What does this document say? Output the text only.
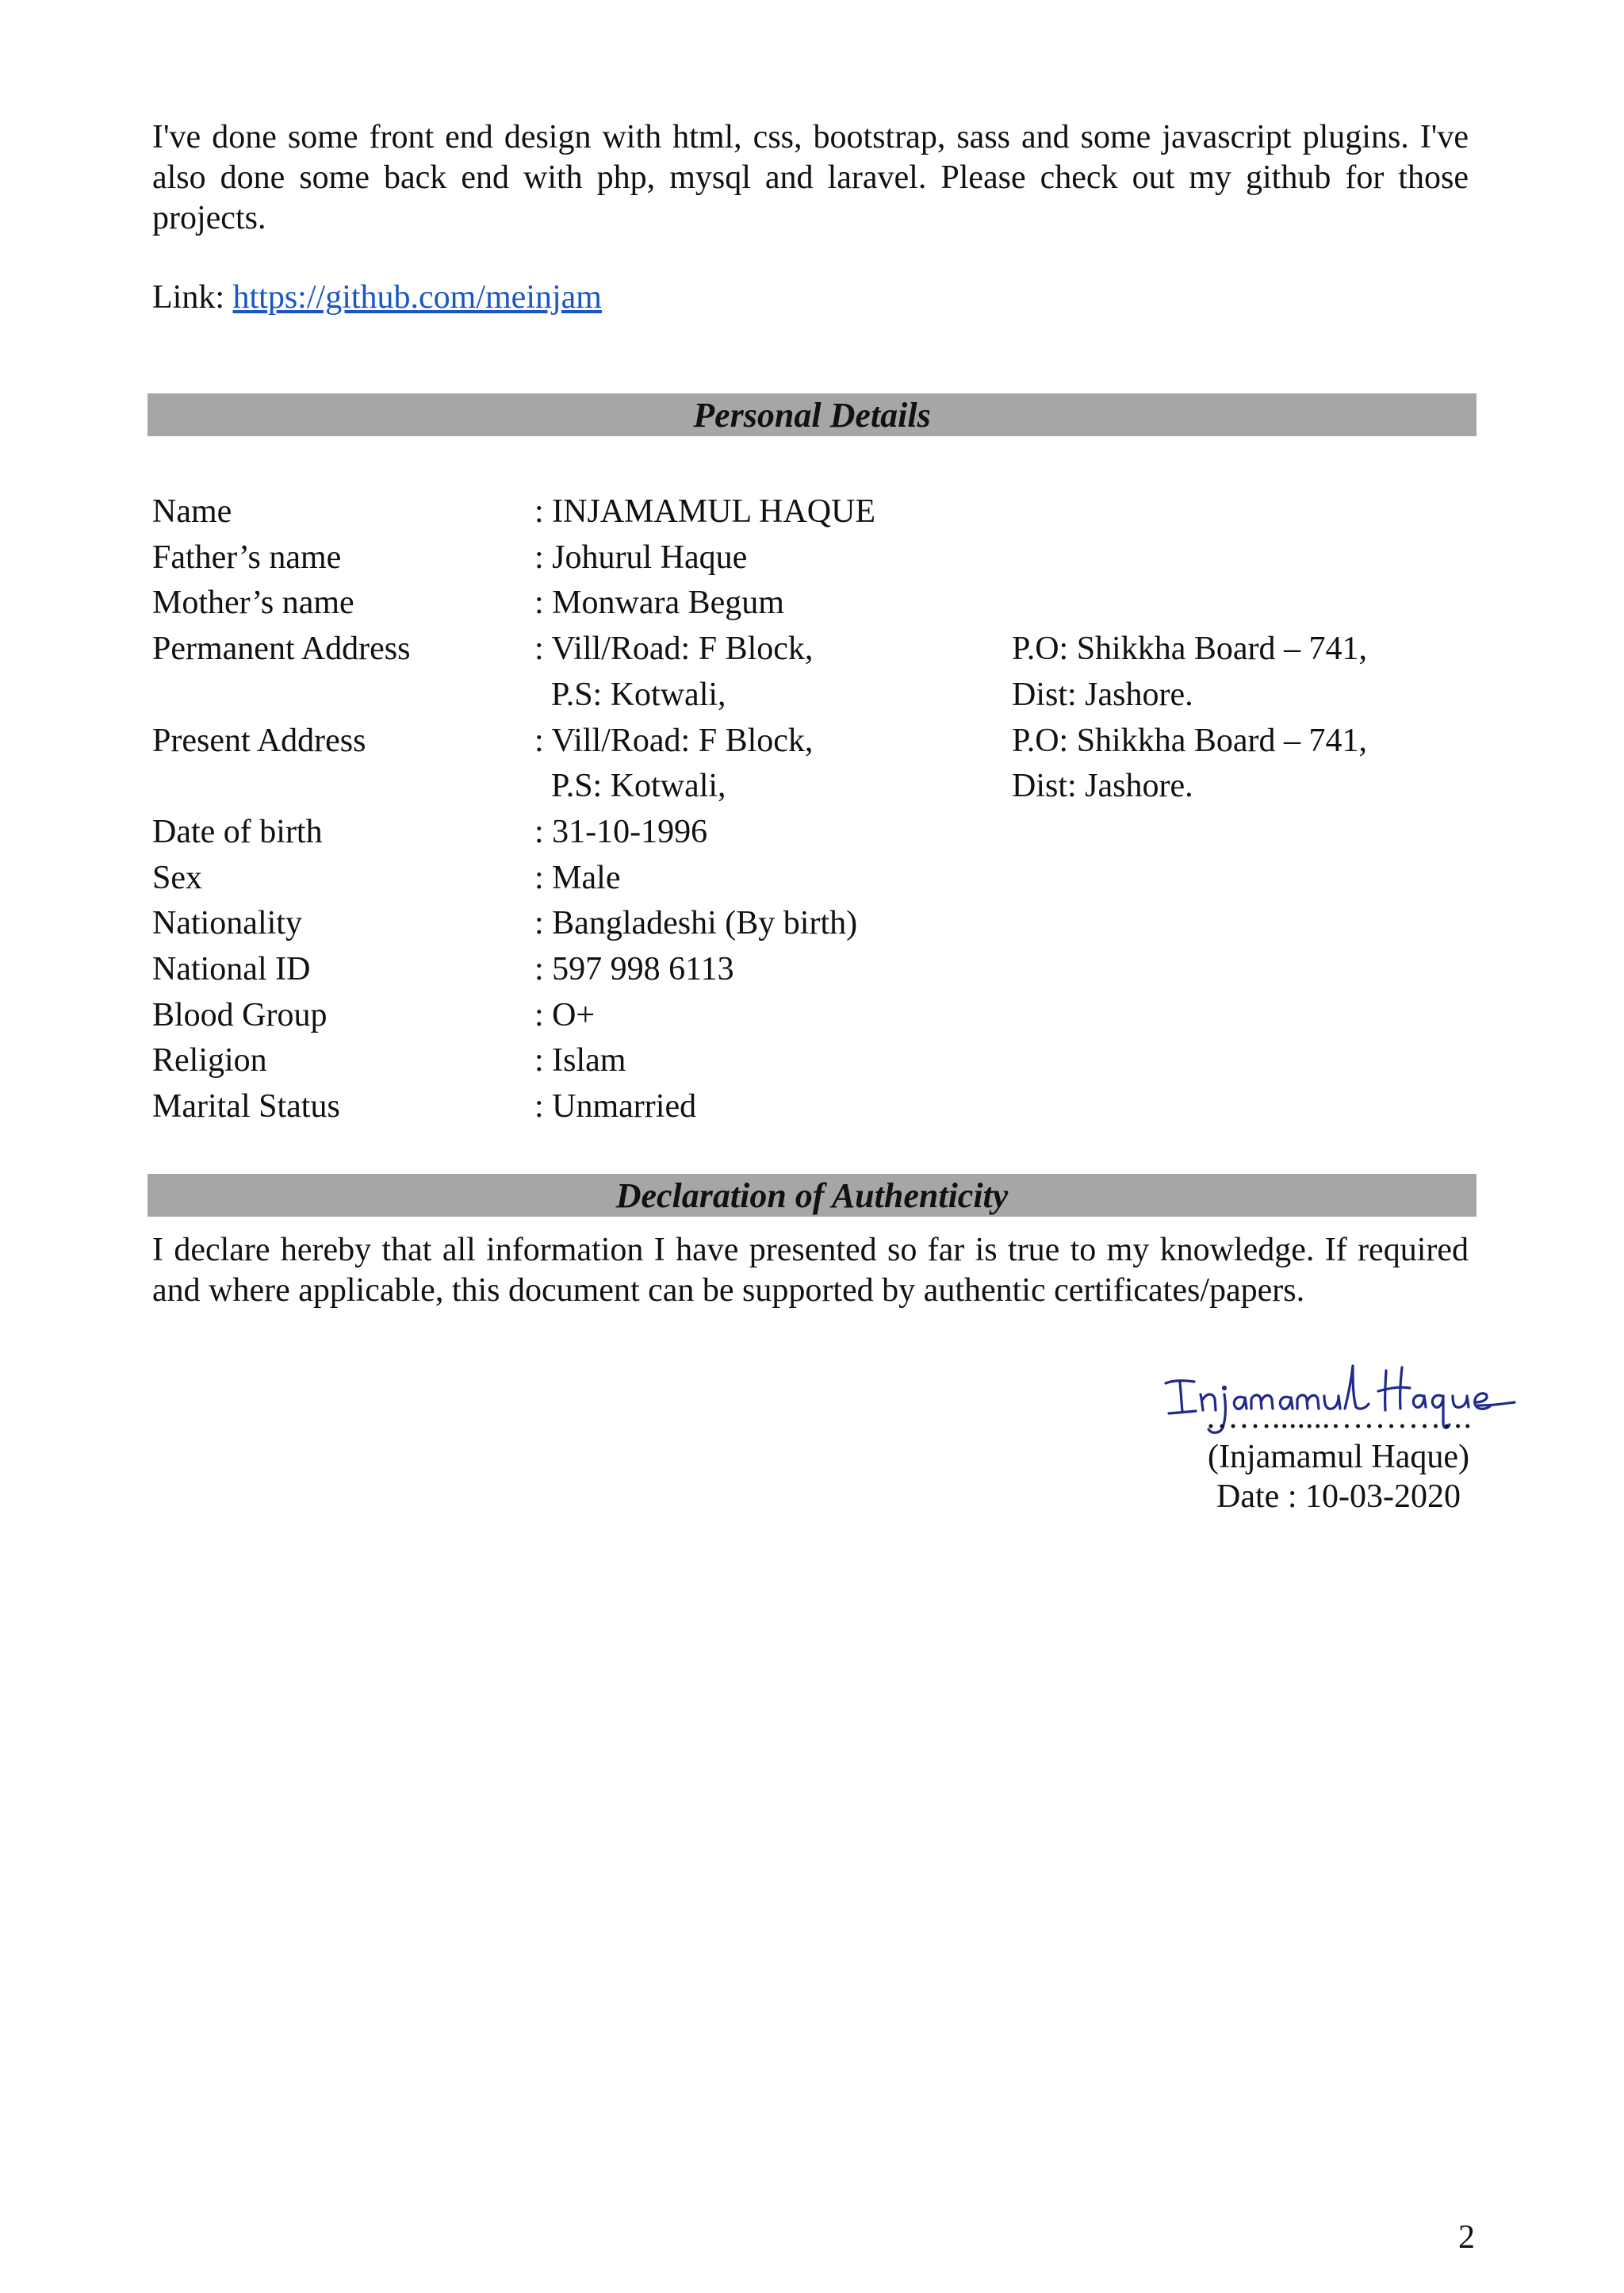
I've done some front end design with html, css, bootstrap, sass and some javascript plugins. I've also done some back end with php, mysql and laravel. Please check out my github for those projects.

Link: https://github.com/meinjam
Personal Details
Name	: INJAMAMUL HAQUE
Father’s name	: Johurul Haque
Mother’s name	: Monwara Begum
Permanent Address	: Vill/Road: F Block,	P.O: Shikkha Board – 741,
P.S: Kotwali,	Dist: Jashore.
Present Address	: Vill/Road: F Block,	P.O: Shikkha Board – 741,
P.S: Kotwali,	Dist: Jashore.
Date of birth	: 31-10-1996
Sex	: Male
Nationality	: Bangladeshi (By birth)
National ID	: 597 998 6113
Blood Group	: O+
Religion	: Islam
Marital Status	: Unmarried
Declaration of Authenticity

I declare hereby that all information I have presented so far is true to my knowledge. If required and where applicable, this document can be supported by authentic certificates/papers.

…….......………….
(Injamamul Haque)
Date : 10-03-2020
2
